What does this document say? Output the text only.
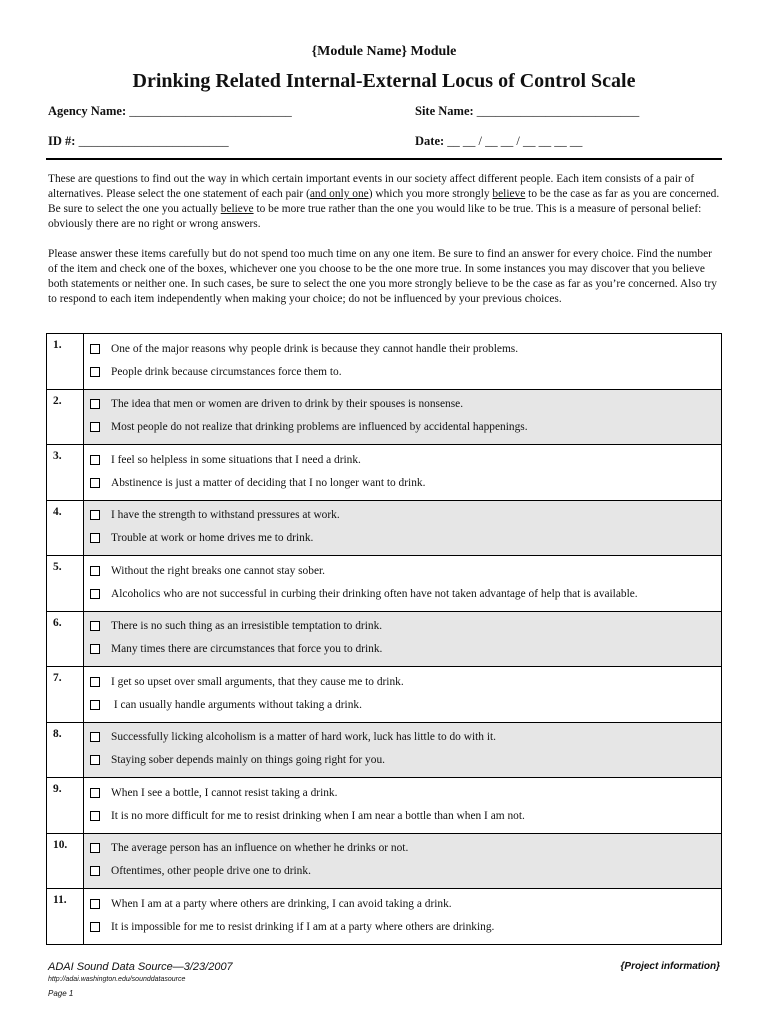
{Module Name} Module
Drinking Related Internal-External Locus of Control Scale
Agency Name: __________________________	Site Name: __________________________
ID #: ________________________	Date: __ __ / __ __ / __ __ __ __
These are questions to find out the way in which certain important events in our society affect different people. Each item consists of a pair of alternatives. Please select the one statement of each pair (and only one) which you more strongly believe to be the case as far as you are concerned. Be sure to select the one you actually believe to be more true rather than the one you would like to be true. This is a measure of personal belief: obviously there are no right or wrong answers.
Please answer these items carefully but do not spend too much time on any one item. Be sure to find an answer for every choice. Find the number of the item and check one of the boxes, whichever one you choose to be the one more true. In some instances you may discover that you believe both statements or neither one. In such cases, be sure to select the one you more strongly believe to be the case as far as you’re concerned. Also try to respond to each item independently when making your choice; do not be influenced by your previous choices.
1.	One of the major reasons why people drink is because they cannot handle their problems.
People drink because circumstances force them to.

2.	The idea that men or women are driven to drink by their spouses is nonsense.
Most people do not realize that drinking problems are influenced by accidental happenings.

3.	I feel so helpless in some situations that I need a drink.
Abstinence is just a matter of deciding that I no longer want to drink.

4.	I have the strength to withstand pressures at work.
Trouble at work or home drives me to drink.

5.	Without the right breaks one cannot stay sober.
Alcoholics who are not successful in curbing their drinking often have not taken advantage of help that is available.

6.	There is no such thing as an irresistible temptation to drink.
Many times there are circumstances that force you to drink.

7.	I get so upset over small arguments, that they cause me to drink.
I can usually handle arguments without taking a drink.

8.	Successfully licking alcoholism is a matter of hard work, luck has little to do with it.
Staying sober depends mainly on things going right for you.

9.	When I see a bottle, I cannot resist taking a drink.
It is no more difficult for me to resist drinking when I am near a bottle than when I am not.

10.	The average person has an influence on whether he drinks or not.
Oftentimes, other people drive one to drink.

11.	When I am at a party where others are drinking, I can avoid taking a drink.
It is impossible for me to resist drinking if I am at a party where others are drinking.
ADAI Sound Data Source—3/23/2007
http://adai.washington.edu/sounddatasource
Page 1
{Project information}
